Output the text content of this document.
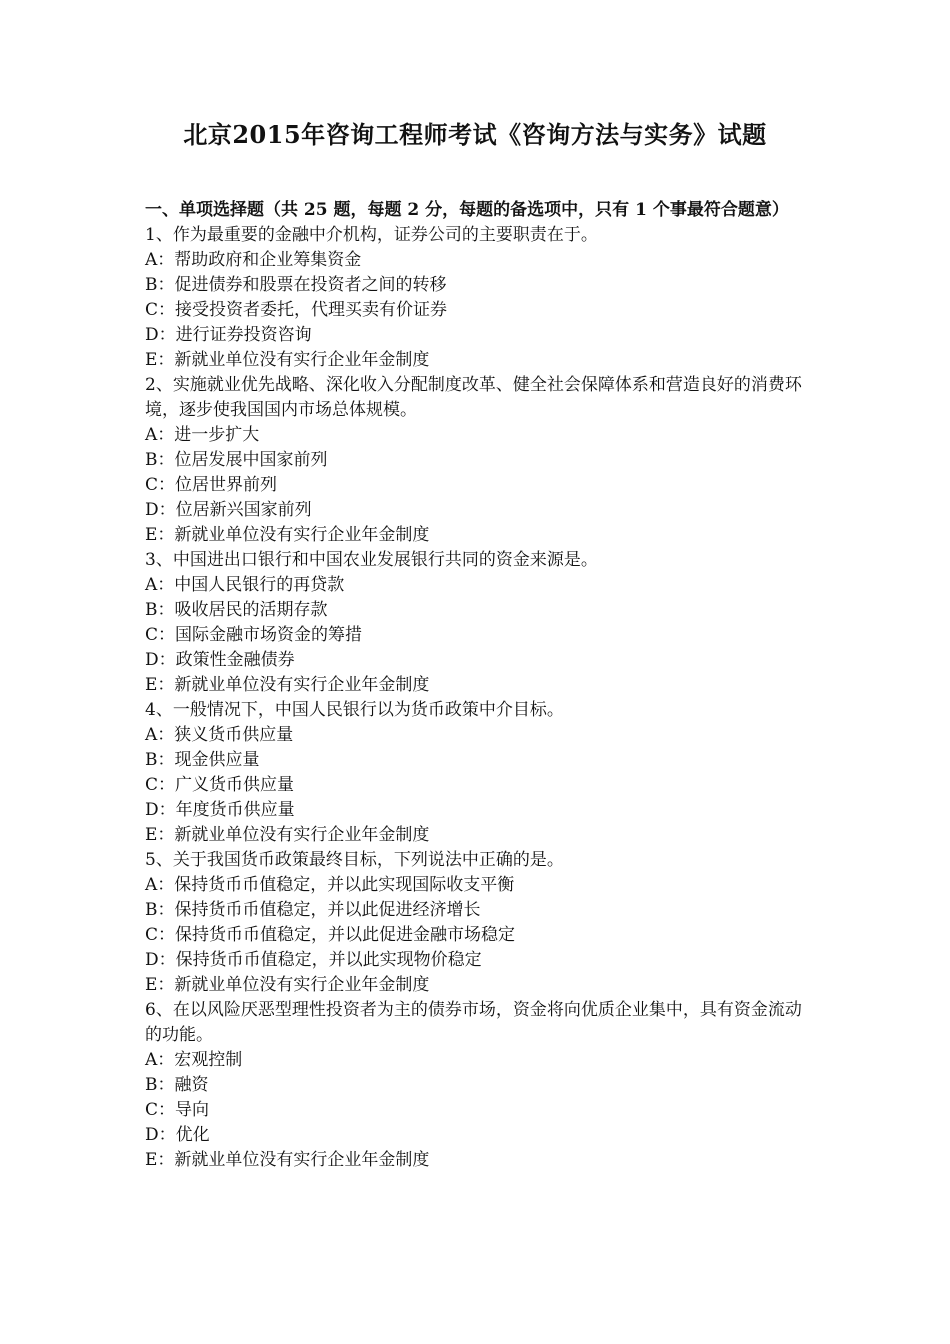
北京2015年咨询工程师考试《咨询方法与实务》试题

一、单项选择题（共 25 题，每题 2 分，每题的备选项中，只有 1 个事最符合题意）

1、作为最重要的金融中介机构，证券公司的主要职责在于。

A：帮助政府和企业筹集资金

B：促进债券和股票在投资者之间的转移

C：接受投资者委托，代理买卖有价证券

D：进行证券投资咨询

E：新就业单位没有实行企业年金制度

2、实施就业优先战略、深化收入分配制度改革、健全社会保障体系和营造良好的消费环境，逐步使我国国内市场总体规模。

A：进一步扩大

B：位居发展中国家前列

C：位居世界前列

D：位居新兴国家前列

E：新就业单位没有实行企业年金制度

3、中国进出口银行和中国农业发展银行共同的资金来源是。

A：中国人民银行的再贷款

B：吸收居民的活期存款

C：国际金融市场资金的筹措

D：政策性金融债券

E：新就业单位没有实行企业年金制度

4、一般情况下，中国人民银行以为货币政策中介目标。

A：狭义货币供应量

B：现金供应量

C：广义货币供应量

D：年度货币供应量

E：新就业单位没有实行企业年金制度

5、关于我国货币政策最终目标，下列说法中正确的是。

A：保持货币币值稳定，并以此实现国际收支平衡

B：保持货币币值稳定，并以此促进经济增长

C：保持货币币值稳定，并以此促进金融市场稳定

D：保持货币币值稳定，并以此实现物价稳定

E：新就业单位没有实行企业年金制度

6、在以风险厌恶型理性投资者为主的债券市场，资金将向优质企业集中，具有资金流动的功能。

A：宏观控制

B：融资

C：导向

D：优化

E：新就业单位没有实行企业年金制度
